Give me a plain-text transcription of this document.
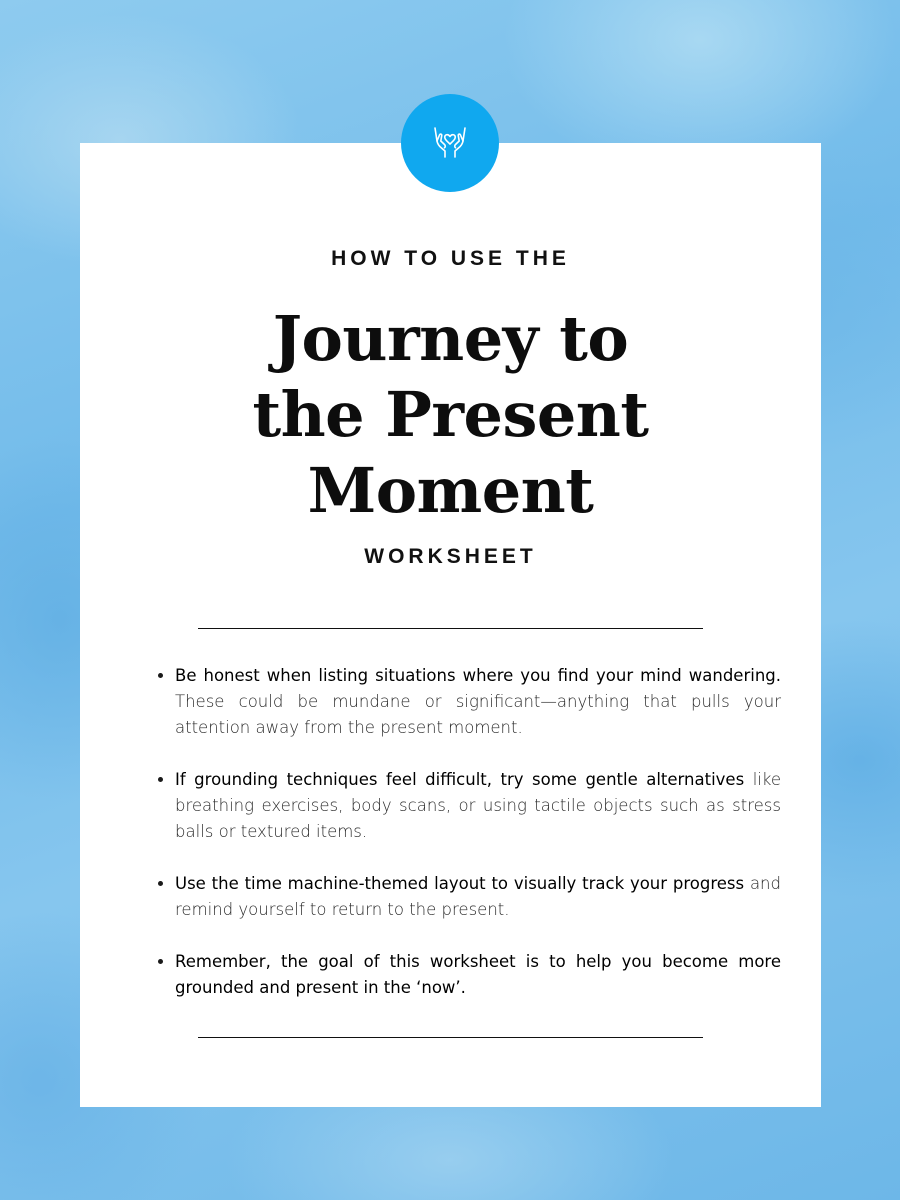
HOW TO USE THE
Journey to
the Present
Moment
WORKSHEET
• Be honest when listing situations where you find your mind wandering. These could be mundane or significant—anything that pulls your attention away from the present moment.
• If grounding techniques feel difficult, try some gentle alternatives like breathing exercises, body scans, or using tactile objects such as stress balls or textured items.
• Use the time machine-themed layout to visually track your progress and remind yourself to return to the present.
• Remember, the goal of this worksheet is to help you become more grounded and present in the ‘now’.
